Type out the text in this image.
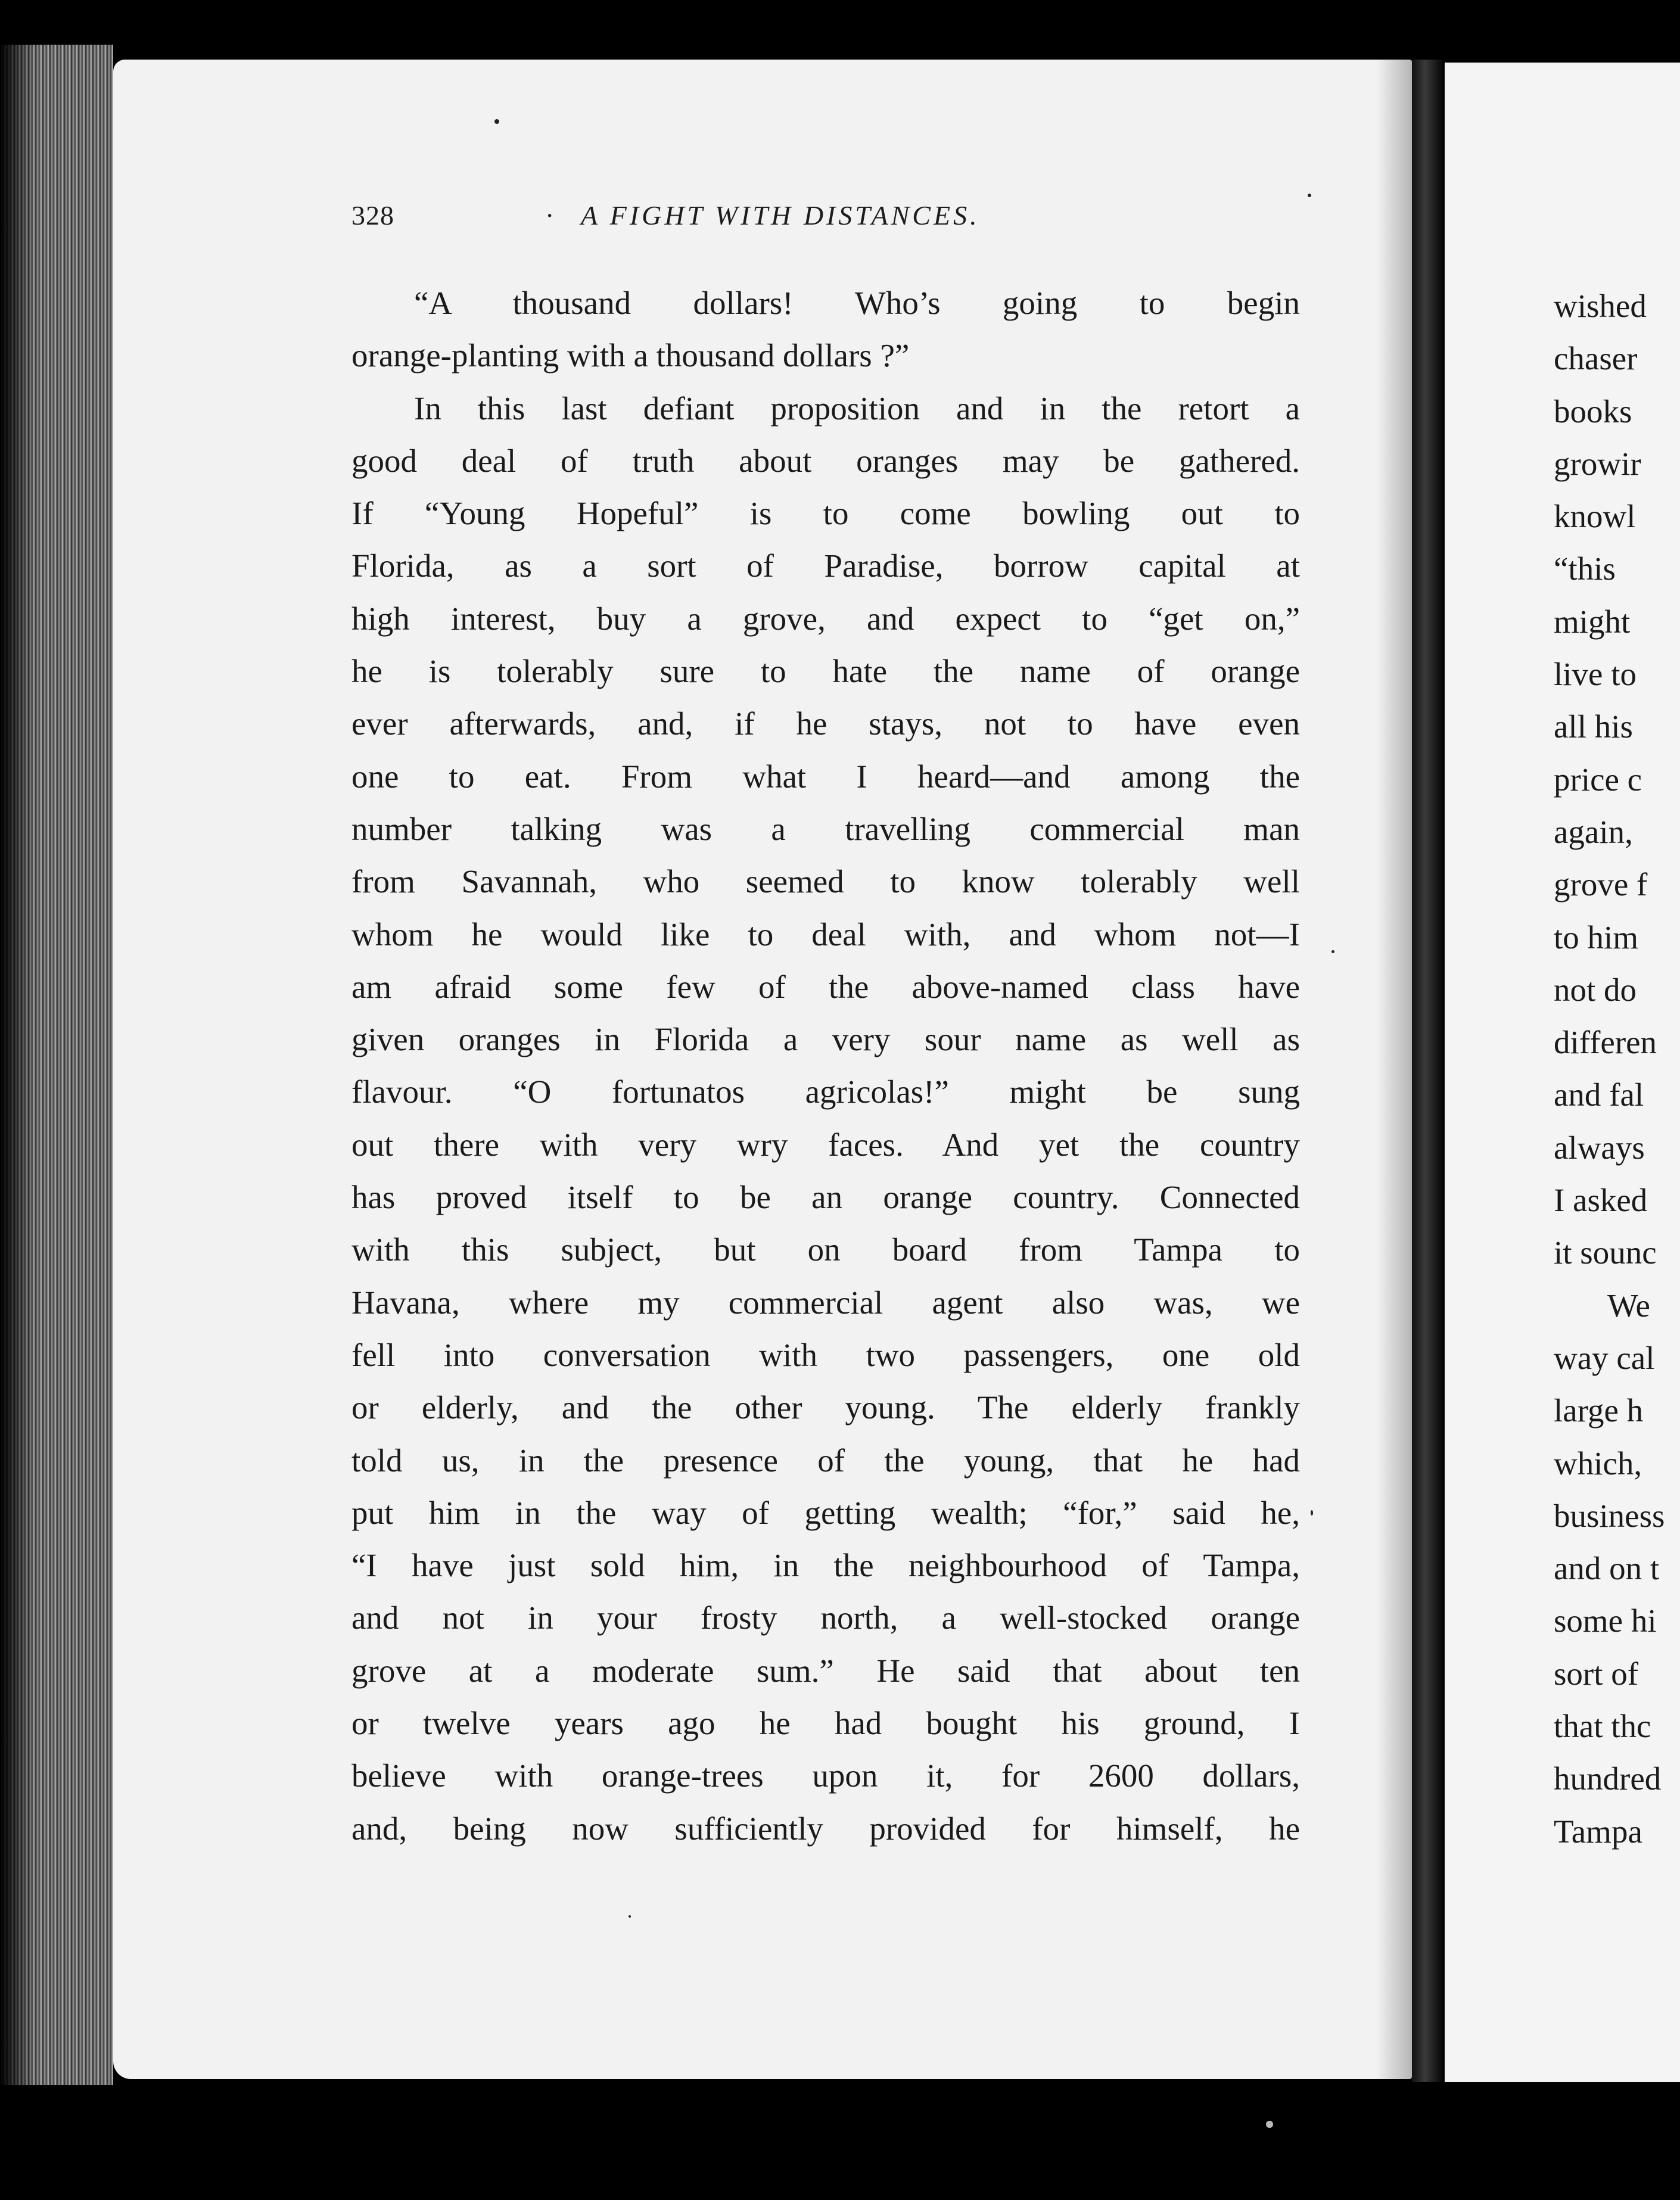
328	· A FIGHT WITH DISTANCES.
“A thousand dollars! Who’s going to begin
orange-planting with a thousand dollars ?”
In this last defiant proposition and in the retort a
good deal of truth about oranges may be gathered.
If “Young Hopeful” is to come bowling out to
Florida, as a sort of Paradise, borrow capital at
high interest, buy a grove, and expect to “get on,”
he is tolerably sure to hate the name of orange
ever afterwards, and, if he stays, not to have even
one to eat. From what I heard—and among the
number talking was a travelling commercial man
from Savannah, who seemed to know tolerably well
whom he would like to deal with, and whom not—I
am afraid some few of the above-named class have
given oranges in Florida a very sour name as well as
flavour. “O fortunatos agricolas!” might be sung
out there with very wry faces. And yet the country
has proved itself to be an orange country. Connected
with this subject, but on board from Tampa to
Havana, where my commercial agent also was, we
fell into conversation with two passengers, one old
or elderly, and the other young. The elderly frankly
told us, in the presence of the young, that he had
put him in the way of getting wealth; “for,” said he,
“I have just sold him, in the neighbourhood of Tampa,
and not in your frosty north, a well-stocked orange
grove at a moderate sum.” He said that about ten
or twelve years ago he had bought his ground, I
believe with orange-trees upon it, for 2600 dollars,
and, being now sufficiently provided for himself, he
wished
chaser
books
growir
knowl
“this
might
live to
all his
price c
again,
grove f
to him
not do
differen
and fal
always
I asked
it sounc
We
way cal
large h
which,
business
and on t
some hi
sort of
that thc
hundred
Tampa
